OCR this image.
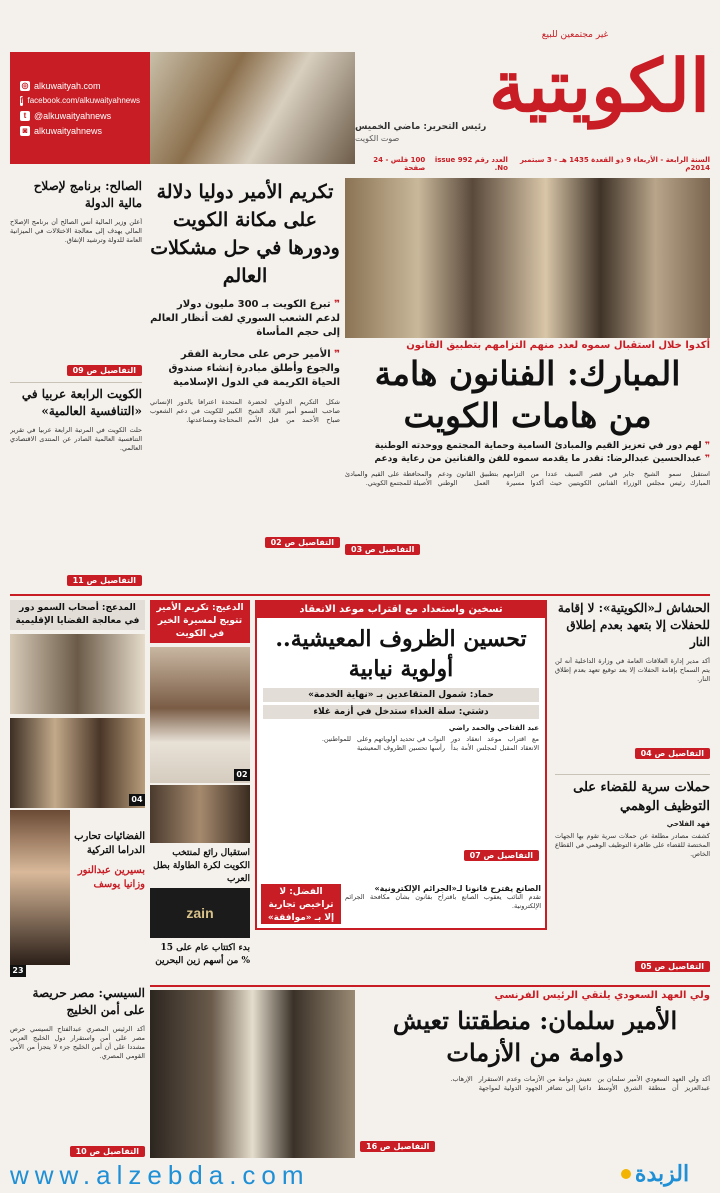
غير مجتمعين للبيع
الكويتية
رئيس التحرير: ماضي الخميس
صوت الكويت
◎ alkuwaityah.com
f facebook.com/alkuwaityahnews
t @alkuwaityahnews
◙ alkuwaityahnews
السنة الرابعة - الأربعاء 9 ذو القعدة 1435 هـ - 3 سبتمبر 2014م
العدد رقم 992 issue No.
100 فلس - 24 صفحة
تكريم الأمير دوليا دلالة على مكانة الكويت ودورها في حل مشكلات العالم
❞ تبرع الكويت بـ 300 مليون دولار لدعم الشعب السوري لفت أنظار العالم إلى حجم المأساة
❞ الأمير حرص على محاربة الفقر والجوع وأطلق مبادرة إنشاء صندوق الحياة الكريمة في الدول الإسلامية
شكل التكريم الدولي لحضرة صاحب السمو أمير البلاد الشيخ صباح الأحمد من قبل الأمم المتحدة اعترافا بالدور الإنساني الكبير للكويت في دعم الشعوب المحتاجة ومساعدتها.
التفاصيل ص 02
الصالح: برنامج لإصلاح مالية الدولة
أعلن وزير المالية أنس الصالح أن برنامج الإصلاح المالي يهدف إلى معالجة الاختلالات في الميزانية العامة للدولة وترشيد الإنفاق.
التفاصيل ص 09
الكويت الرابعة عربيا في «التنافسية العالمية»
حلت الكويت في المرتبة الرابعة عربيا في تقرير التنافسية العالمية الصادر عن المنتدى الاقتصادي العالمي.
التفاصيل ص 11
أكدوا خلال استقبال سموه لعدد منهم التزامهم بتطبيق القانون
المبارك: الفنانون هامة
من هامات الكويت
❞ لهم دور في تعزيز القيم والمبادئ السامية وحماية المجتمع ووحدته الوطنية
❞ عبدالحسين عبدالرضا: نقدر ما يقدمه سموه للفن والفنانين من رعاية ودعم
استقبل سمو الشيخ جابر المبارك رئيس مجلس الوزراء في قصر السيف عددا من الفنانين الكويتيين حيث أكدوا التزامهم بتطبيق القانون ودعم مسيرة العمل الوطني والمحافظة على القيم والمبادئ الأصيلة للمجتمع الكويتي.
التفاصيل ص 03
الحشاش لـ«الكويتية»: لا إقامة للحفلات إلا بتعهد بعدم إطلاق النار
أكد مدير إدارة العلاقات العامة في وزارة الداخلية أنه لن يتم السماح بإقامة الحفلات إلا بعد توقيع تعهد بعدم إطلاق النار.
التفاصيل ص 04
حملات سرية للقضاء على التوظيف الوهمي
فهد الفلاحي
كشفت مصادر مطلعة عن حملات سرية تقوم بها الجهات المختصة للقضاء على ظاهرة التوظيف الوهمي في القطاع الخاص.
التفاصيل ص 05
تسخين واستعداد مع اقتراب موعد الانعقاد
تحسين الظروف المعيشية..
أولوية نيابية
حماد: شمول المتقاعدين بـ «نهاية الخدمة»
دشتي: سلة الغذاء ستدخل في أزمة غلاء
عبد الفتاحي والحمد راضي
مع اقتراب موعد انعقاد دور الانعقاد المقبل لمجلس الأمة بدأ النواب في تحديد أولوياتهم وعلى رأسها تحسين الظروف المعيشية للمواطنين.
التفاصيل ص 07
الصانع يقترح قانونا لـ«الجرائم الإلكترونية»
تقدم النائب يعقوب الصانع باقتراح بقانون بشأن مكافحة الجرائم الإلكترونية.
الفضل: لا تراخيص تجارية إلا بـ «موافقة»
الدعيج: تكريم الأمير تتويج لمسيرة الخير في الكويت
02
استقبال رائع لمنتخب الكويت لكرة الطاولة بطل العرب
zain
بدء اكتتاب عام على 15 % من أسهم زين البحرين
المدعج: أصحاب السمو دور في معالجة القضايا الإقليمية
04
الفضائيات تحارب الدراما التركية
بسيرين عبدالنور وزانيا يوسف
23
السيسي: مصر حريصة على أمن الخليج
أكد الرئيس المصري عبدالفتاح السيسي حرص مصر على أمن واستقرار دول الخليج العربي مشددا على أن أمن الخليج جزء لا يتجزأ من الأمن القومي المصري.
التفاصيل ص 10
ولي العهد السعودي يلتقي الرئيس الفرنسي
الأمير سلمان: منطقتنا تعيش
دوامة من الأزمات
أكد ولي العهد السعودي الأمير سلمان بن عبدالعزيز أن منطقة الشرق الأوسط تعيش دوامة من الأزمات وعدم الاستقرار داعيا إلى تضافر الجهود الدولية لمواجهة الإرهاب.
التفاصيل ص 16
www.alzebda.com	الزبدة
